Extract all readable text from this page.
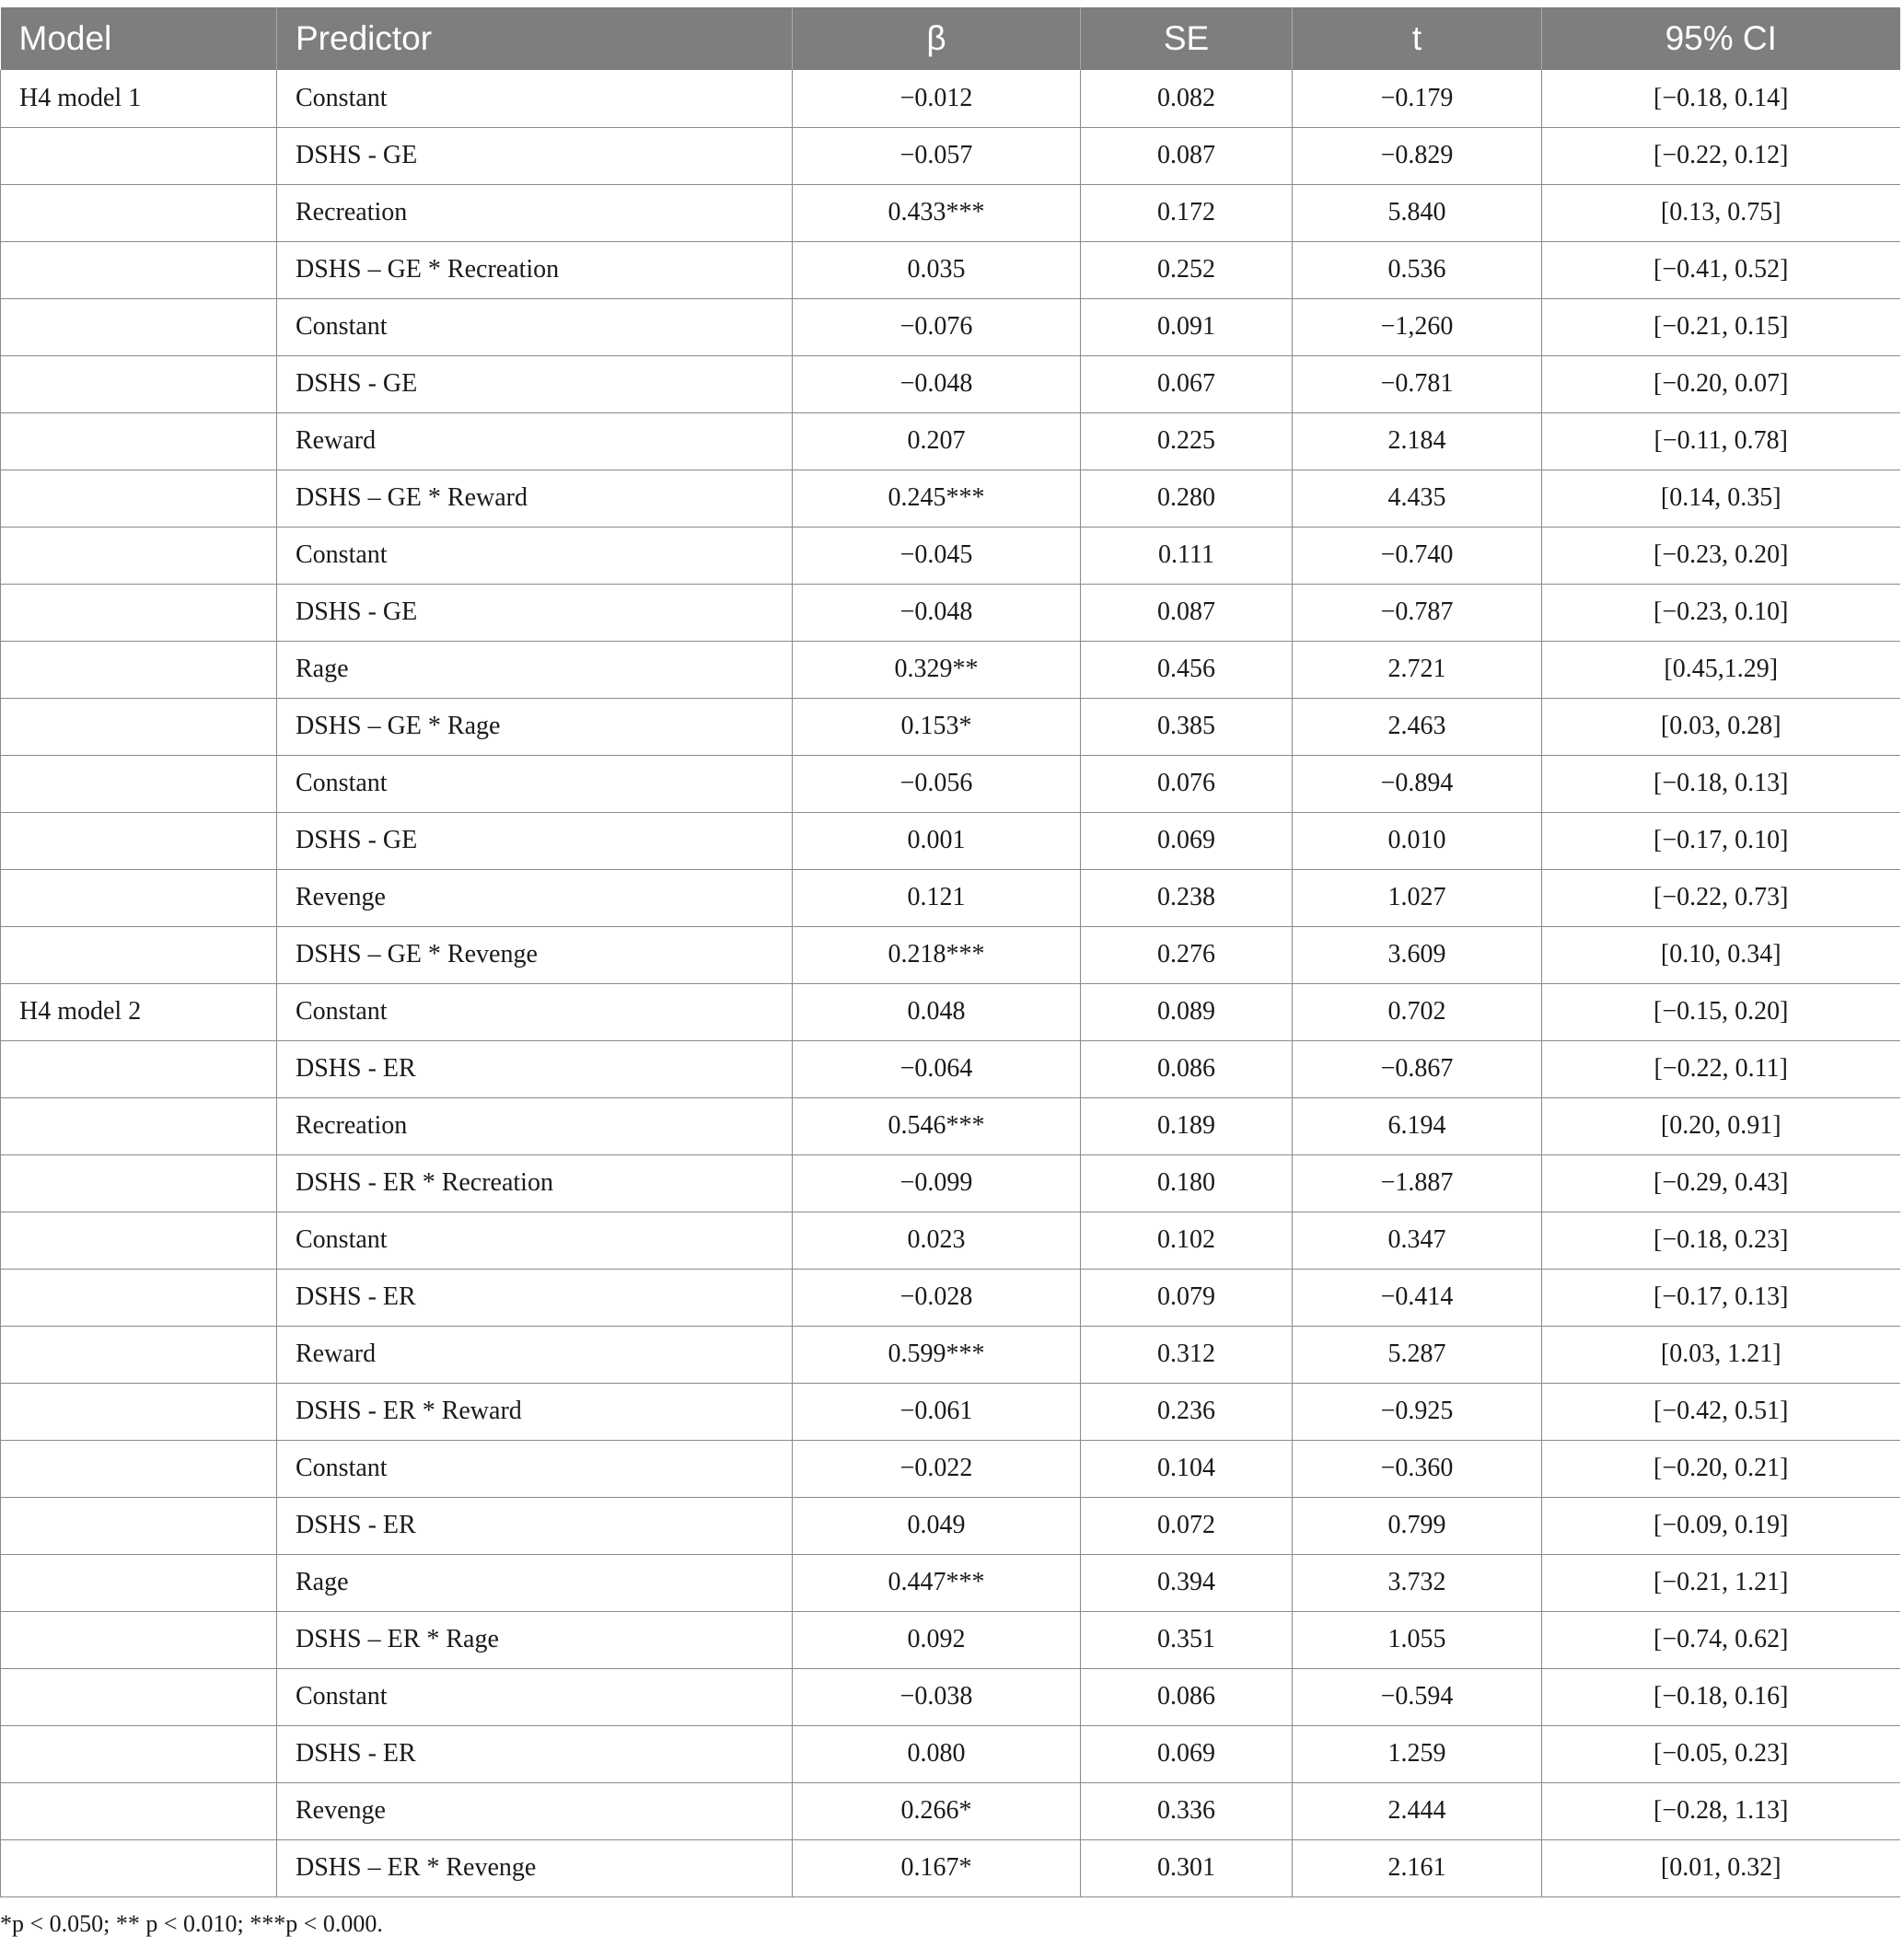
Model	Predictor	β	SE	t	95% CI
H4 model 1	Constant	−0.012	0.082	−0.179	[−0.18, 0.14]
	DSHS - GE	−0.057	0.087	−0.829	[−0.22, 0.12]
	Recreation	0.433***	0.172	5.840	[0.13, 0.75]
	DSHS – GE * Recreation	0.035	0.252	0.536	[−0.41, 0.52]
	Constant	−0.076	0.091	−1,260	[−0.21, 0.15]
	DSHS - GE	−0.048	0.067	−0.781	[−0.20, 0.07]
	Reward	0.207	0.225	2.184	[−0.11, 0.78]
	DSHS – GE * Reward	0.245***	0.280	4.435	[0.14, 0.35]
	Constant	−0.045	0.111	−0.740	[−0.23, 0.20]
	DSHS - GE	−0.048	0.087	−0.787	[−0.23, 0.10]
	Rage	0.329**	0.456	2.721	[0.45,1.29]
	DSHS – GE * Rage	0.153*	0.385	2.463	[0.03, 0.28]
	Constant	−0.056	0.076	−0.894	[−0.18, 0.13]
	DSHS - GE	0.001	0.069	0.010	[−0.17, 0.10]
	Revenge	0.121	0.238	1.027	[−0.22, 0.73]
	DSHS – GE * Revenge	0.218***	0.276	3.609	[0.10, 0.34]
H4 model 2	Constant	0.048	0.089	0.702	[−0.15, 0.20]
	DSHS - ER	−0.064	0.086	−0.867	[−0.22, 0.11]
	Recreation	0.546***	0.189	6.194	[0.20, 0.91]
	DSHS - ER * Recreation	−0.099	0.180	−1.887	[−0.29, 0.43]
	Constant	0.023	0.102	0.347	[−0.18, 0.23]
	DSHS - ER	−0.028	0.079	−0.414	[−0.17, 0.13]
	Reward	0.599***	0.312	5.287	[0.03, 1.21]
	DSHS - ER * Reward	−0.061	0.236	−0.925	[−0.42, 0.51]
	Constant	−0.022	0.104	−0.360	[−0.20, 0.21]
	DSHS - ER	0.049	0.072	0.799	[−0.09, 0.19]
	Rage	0.447***	0.394	3.732	[−0.21, 1.21]
	DSHS – ER * Rage	0.092	0.351	1.055	[−0.74, 0.62]
	Constant	−0.038	0.086	−0.594	[−0.18, 0.16]
	DSHS - ER	0.080	0.069	1.259	[−0.05, 0.23]
	Revenge	0.266*	0.336	2.444	[−0.28, 1.13]
	DSHS – ER * Revenge	0.167*	0.301	2.161	[0.01, 0.32]

*p < 0.050; ** p < 0.010; ***p < 0.000.
